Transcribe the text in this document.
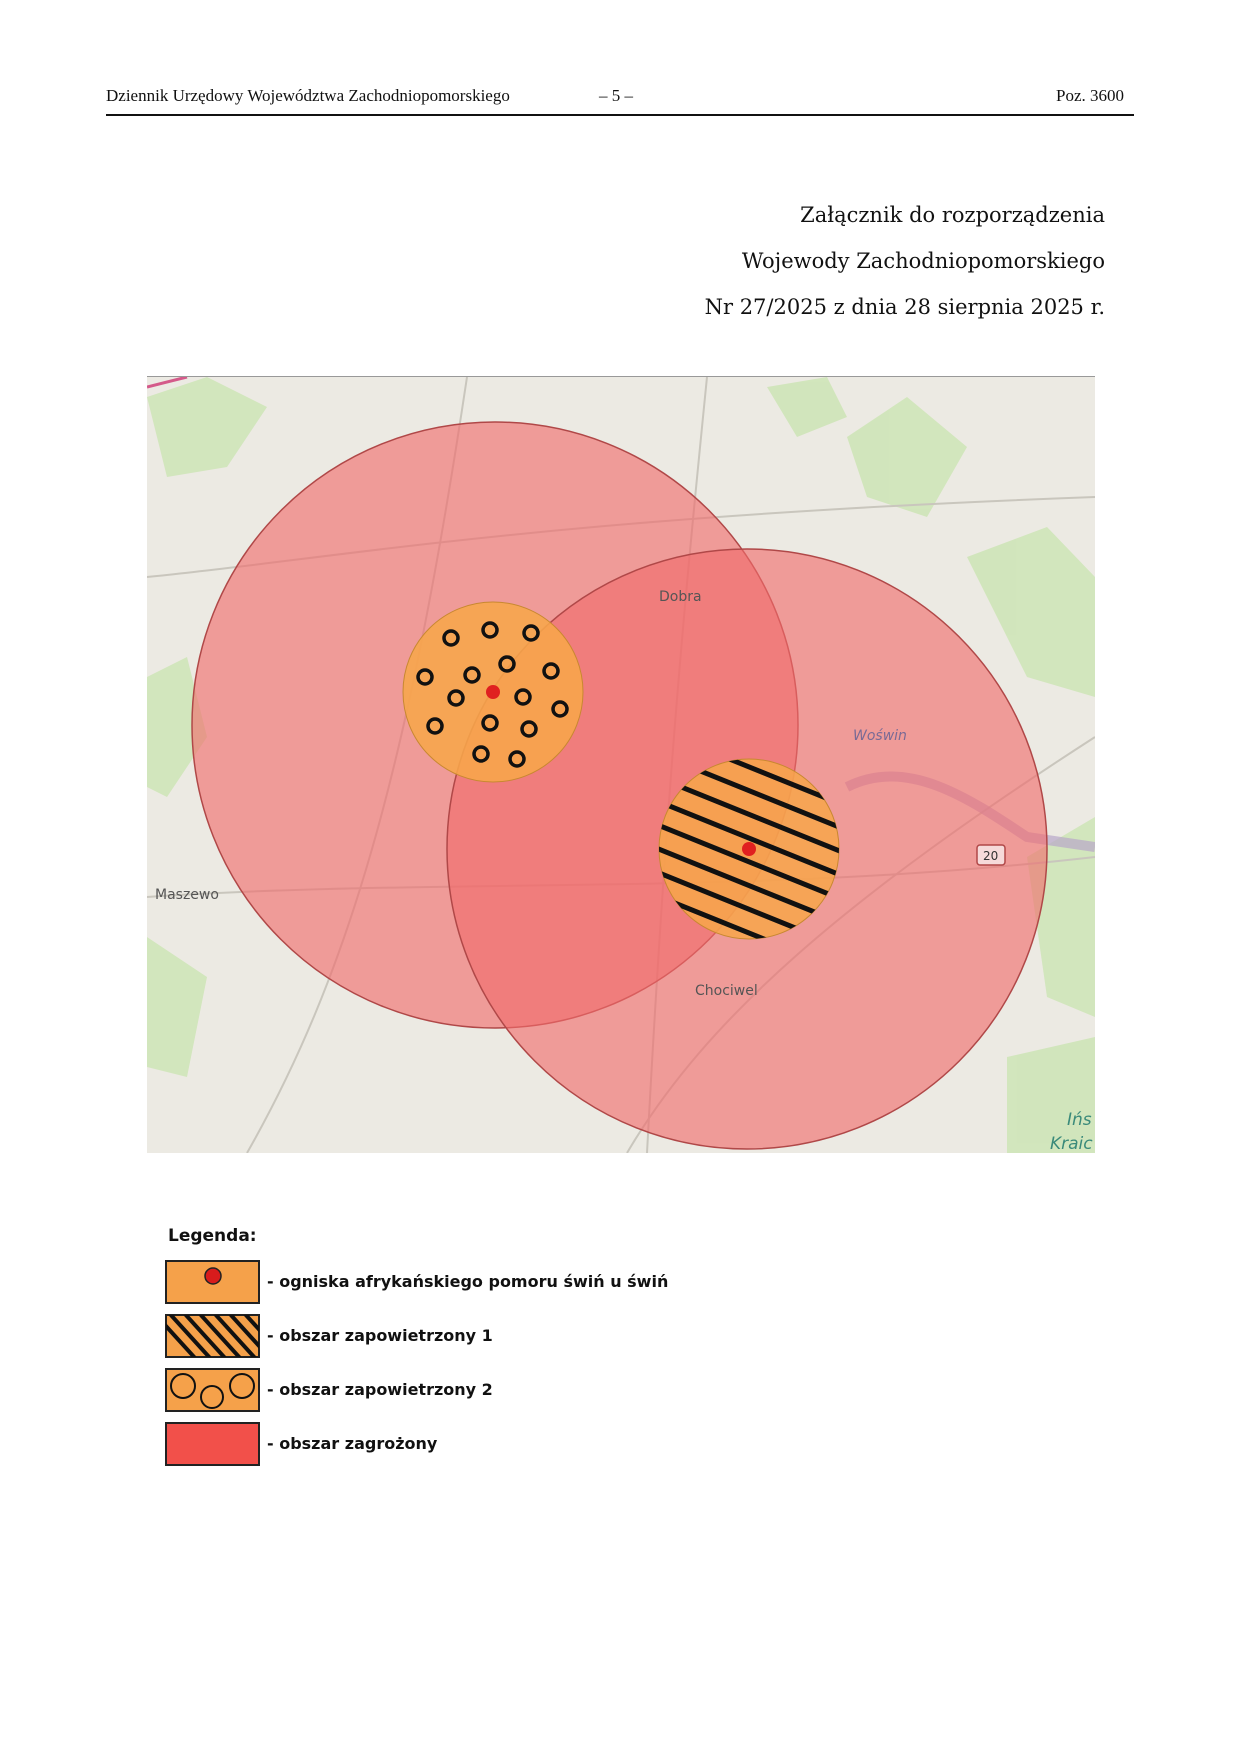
Dziennik Urzędowy Województwa Zachodniopomorskiego	– 5 –	Poz. 3600
Załącznik do rozporządzenia
Wojewody Zachodniopomorskiego
Nr 27/2025 z dnia 28 sierpnia 2025 r.
Dobra
Woświn
Maszewo
Chociwel
20
Ińs
Kraic
Legenda:
- ogniska afrykańskiego pomoru świń u świń
- obszar zapowietrzony 1
- obszar zapowietrzony 2
- obszar zagrożony
